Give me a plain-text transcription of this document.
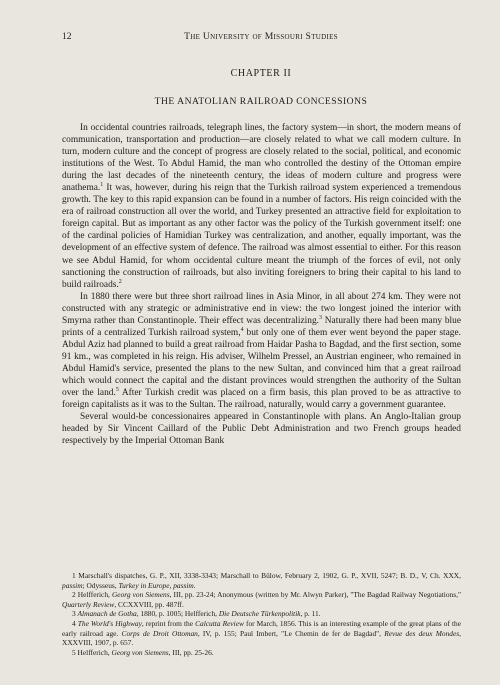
12	The University of Missouri Studies
CHAPTER II
THE ANATOLIAN RAILROAD CONCESSIONS

In occidental countries railroads, telegraph lines, the factory system—in short, the modern means of communication, transportation and production—are closely related to what we call modern culture. In turn, modern culture and the concept of progress are closely related to the social, political, and economic institutions of the West. To Abdul Hamid, the man who controlled the destiny of the Ottoman empire during the last decades of the nineteenth century, the ideas of modern culture and progress were anathema.$^1$ It was, however, during his reign that the Turkish railroad system experienced a tremendous growth. The key to this rapid expansion can be found in a number of factors. His reign coincided with the era of railroad construction all over the world, and Turkey presented an attractive field for exploitation to foreign capital. But as important as any other factor was the policy of the Turkish government itself: one of the cardinal policies of Hamidian Turkey was centralization, and another, equally important, was the development of an effective system of defence. The railroad was almost essential to either. For this reason we see Abdul Hamid, for whom occidental culture meant the triumph of the forces of evil, not only sanctioning the construction of railroads, but also inviting foreigners to bring their capital to his land to build railroads.$^2$

In 1880 there were but three short railroad lines in Asia Minor, in all about 274 km. They were not constructed with any strategic or administrative end in view: the two longest joined the interior with Smyrna rather than Constantinople. Their effect was decentralizing.$^3$ Naturally there had been many blue prints of a centralized Turkish railroad system,$^4$ but only one of them ever went beyond the paper stage. Abdul Aziz had planned to build a great railroad from Haidar Pasha to Bagdad, and the first section, some 91 km., was completed in his reign. His adviser, Wilhelm Pressel, an Austrian engineer, who remained in Abdul Hamid's service, presented the plans to the new Sultan, and convinced him that a great railroad which would connect the capital and the distant provinces would strengthen the authority of the Sultan over the land.$^5$ After Turkish credit was placed on a firm basis, this plan proved to be as attractive to foreign capitalists as it was to the Sultan. The railroad, naturally, would carry a government guarantee.

Several would-be concessionaires appeared in Constantinople with plans. An Anglo-Italian group headed by Sir Vincent Caillard of the Public Debt Administration and two French groups headed respectively by the Imperial Ottoman Bank

1 Marschall's dispatches, G. P., XII, 3338-3343; Marschall to Bülow, February 2, 1902, G. P., XVII, 5247; B. D., V, Ch. XXX, passim; Odysseus, Turkey in Europe, passim.

2 Helfferich, Georg von Siemens, III, pp. 23-24; Anonymous (written by Mr. Alwyn Parker), "The Bagdad Railway Negotiations," Quarterly Review, CCXXVIII, pp. 487ff.

3 Almanach de Gotha, 1880, p. 1005; Helfferich, Die Deutsche Türkenpolitik, p. 11.

4 The World's Highway, reprint from the Calcutta Review for March, 1856. This is an interesting example of the great plans of the early railroad age. Corps de Droit Ottoman, IV, p. 155; Paul Imbert, "Le Chemin de fer de Bagdad", Revue des deux Mondes, XXXVIII, 1907, p. 657.

5 Helfferich, Georg von Siemens, III, pp. 25-26.
